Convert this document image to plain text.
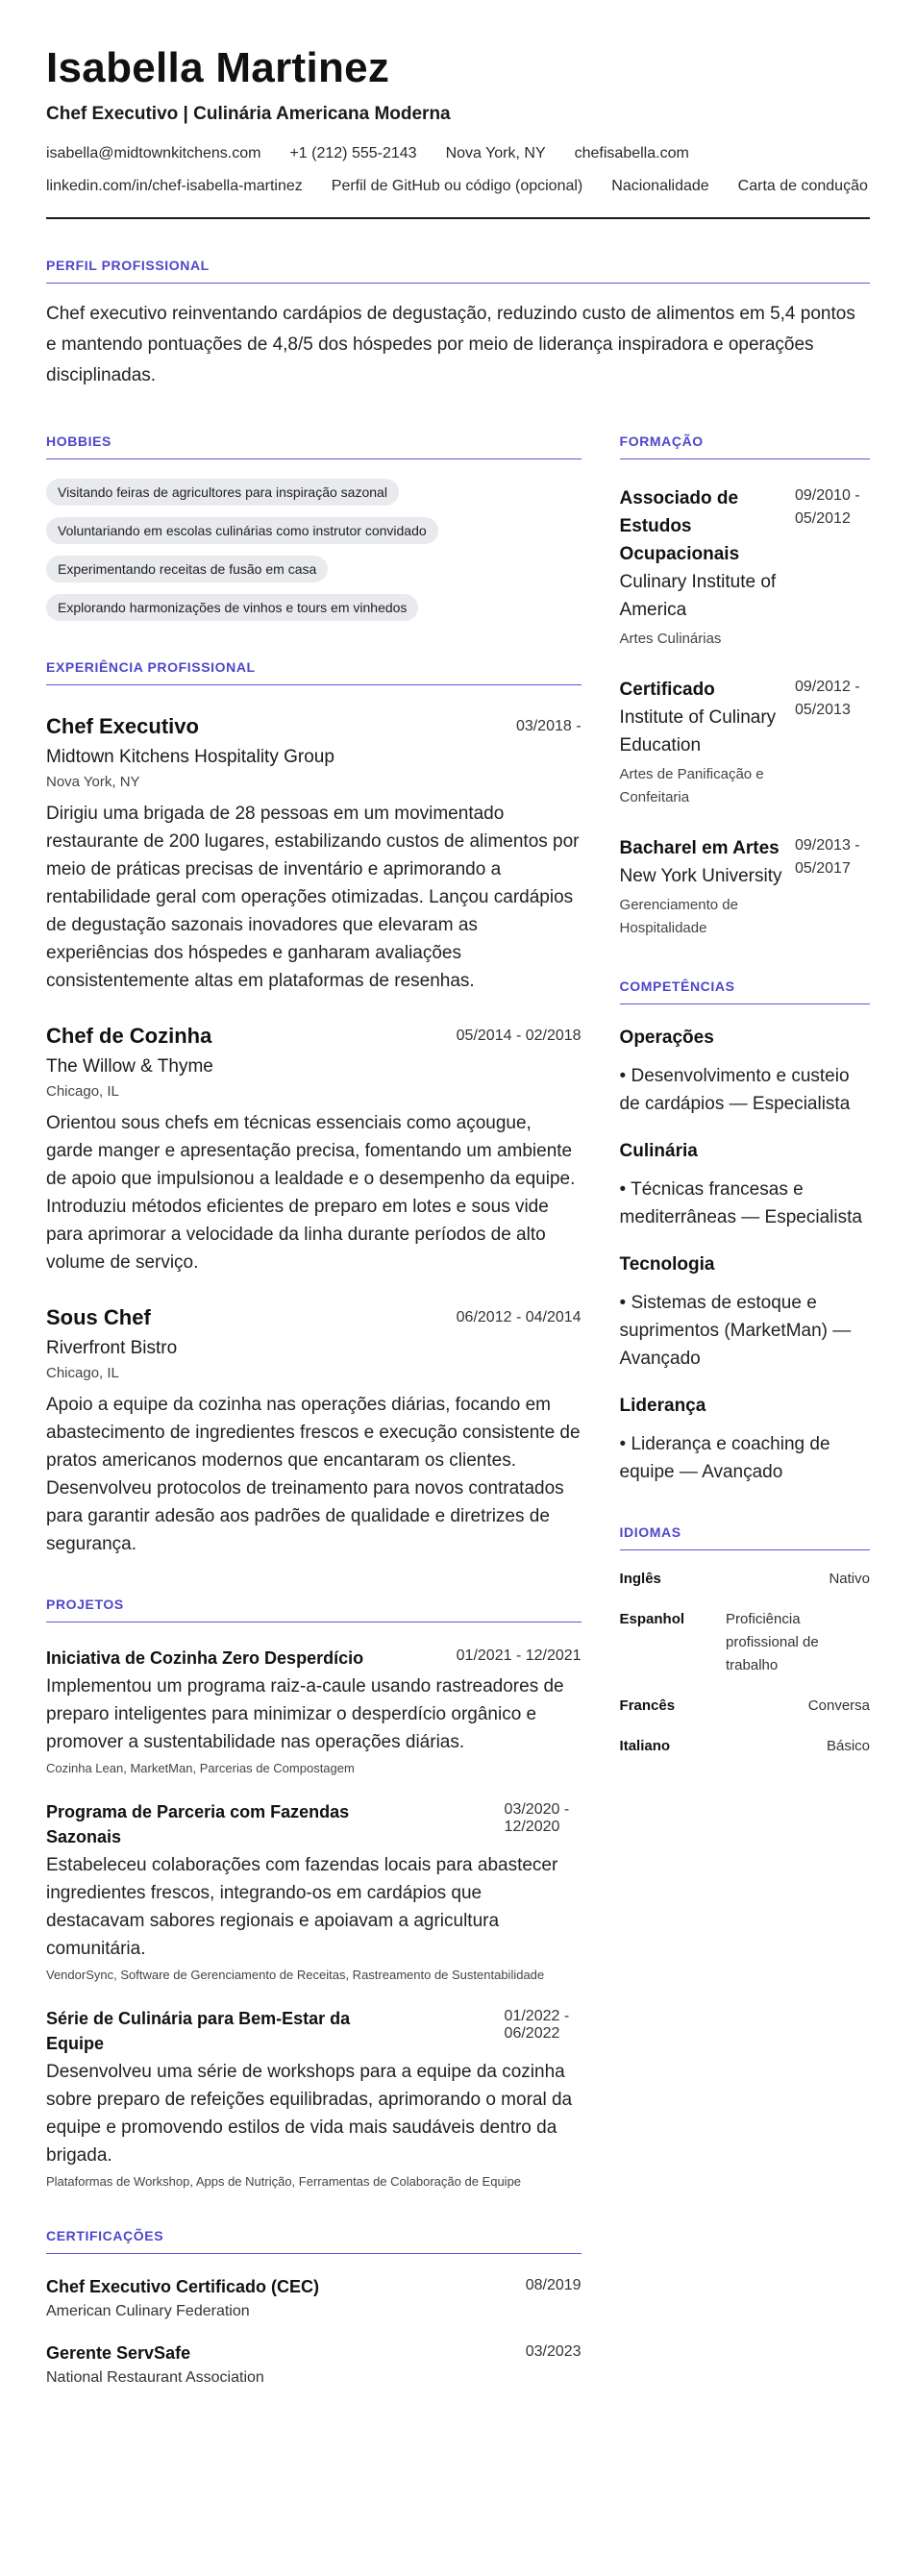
Isabella Martinez
Chef Executivo | Culinária Americana Moderna
isabella@midtownkitchens.com +1 (212) 555-2143 Nova York, NY chefisabella.com
linkedin.com/in/chef-isabella-martinez Perfil de GitHub ou código (opcional) Nacionalidade Carta de condução
PERFIL PROFISSIONAL
Chef executivo reinventando cardápios de degustação, reduzindo custo de alimentos em 5,4 pontos e mantendo pontuações de 4,8/5 dos hóspedes por meio de liderança inspiradora e operações disciplinadas.
HOBBIES
Visitando feiras de agricultores para inspiração sazonal
Voluntariando em escolas culinárias como instrutor convidado
Experimentando receitas de fusão em casa
Explorando harmonizações de vinhos e tours em vinhedos
EXPERIÊNCIA PROFISSIONAL
Chef Executivo	03/2018 -
Midtown Kitchens Hospitality Group
Nova York, NY
Dirigiu uma brigada de 28 pessoas em um movimentado restaurante de 200 lugares, estabilizando custos de alimentos por meio de práticas precisas de inventário e aprimorando a rentabilidade geral com operações otimizadas. Lançou cardápios de degustação sazonais inovadores que elevaram as experiências dos hóspedes e ganharam avaliações consistentemente altas em plataformas de resenhas.
Chef de Cozinha	05/2014 - 02/2018
The Willow & Thyme
Chicago, IL
Orientou sous chefs em técnicas essenciais como açougue, garde manger e apresentação precisa, fomentando um ambiente de apoio que impulsionou a lealdade e o desempenho da equipe. Introduziu métodos eficientes de preparo em lotes e sous vide para aprimorar a velocidade da linha durante períodos de alto volume de serviço.
Sous Chef	06/2012 - 04/2014
Riverfront Bistro
Chicago, IL
Apoio a equipe da cozinha nas operações diárias, focando em abastecimento de ingredientes frescos e execução consistente de pratos americanos modernos que encantaram os clientes. Desenvolveu protocolos de treinamento para novos contratados para garantir adesão aos padrões de qualidade e diretrizes de segurança.
PROJETOS
Iniciativa de Cozinha Zero Desperdício	01/2021 - 12/2021
Implementou um programa raiz-a-caule usando rastreadores de preparo inteligentes para minimizar o desperdício orgânico e promover a sustentabilidade nas operações diárias.
Cozinha Lean, MarketMan, Parcerias de Compostagem
Programa de Parceria com Fazendas Sazonais
03/2020 - 12/2020
Estabeleceu colaborações com fazendas locais para abastecer ingredientes frescos, integrando-os em cardápios que destacavam sabores regionais e apoiavam a agricultura comunitária.
VendorSync, Software de Gerenciamento de Receitas, Rastreamento de Sustentabilidade
Série de Culinária para Bem-Estar da Equipe
01/2022 - 06/2022
Desenvolveu uma série de workshops para a equipe da cozinha sobre preparo de refeições equilibradas, aprimorando o moral da equipe e promovendo estilos de vida mais saudáveis dentro da brigada.
Plataformas de Workshop, Apps de Nutrição, Ferramentas de Colaboração de Equipe
CERTIFICAÇÕES
Chef Executivo Certificado (CEC)	08/2019
American Culinary Federation
Gerente ServSafe	03/2023
National Restaurant Association
FORMAÇÃO
Associado de Estudos Ocupacionais
Culinary Institute of America
Artes Culinárias
09/2010 - 05/2012
Certificado
Institute of Culinary Education
Artes de Panificação e Confeitaria
09/2012 - 05/2013
Bacharel em Artes
New York University
Gerenciamento de Hospitalidade
09/2013 - 05/2017
COMPETÊNCIAS
Operações
• Desenvolvimento e custeio de cardápios — Especialista
Culinária
• Técnicas francesas e mediterrâneas — Especialista
Tecnologia
• Sistemas de estoque e suprimentos (MarketMan) — Avançado
Liderança
• Liderança e coaching de equipe — Avançado
IDIOMAS
Inglês	Nativo
Espanhol	Proficiência profissional de trabalho
Francês	Conversa
Italiano	Básico
